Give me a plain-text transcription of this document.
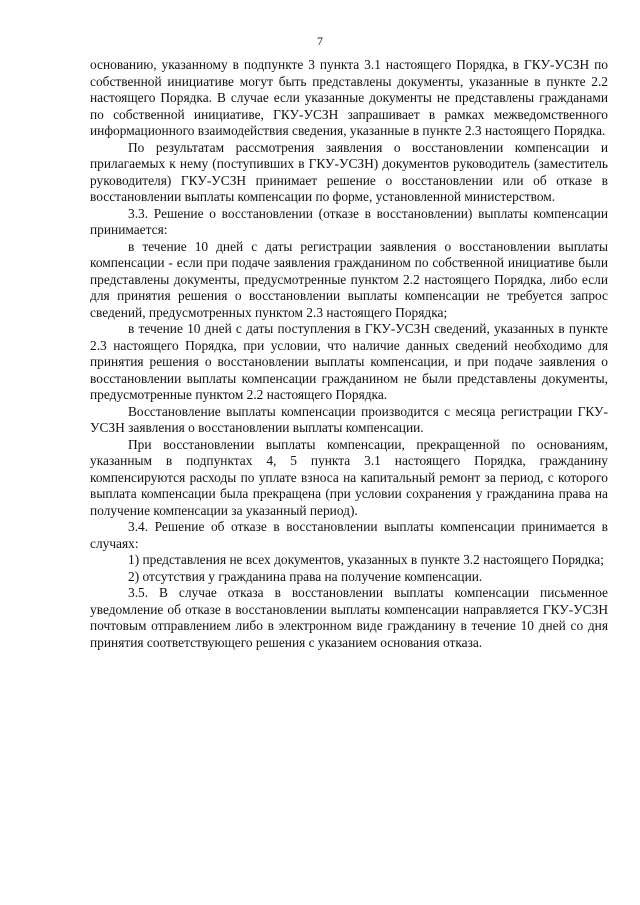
7

основанию, указанному в подпункте 3 пункта 3.1 настоящего Порядка, в ГКУ-УСЗН по собственной инициативе могут быть представлены документы, указанные в пункте 2.2 настоящего Порядка. В случае если указанные документы не представлены гражданами по собственной инициативе, ГКУ-УСЗН запрашивает в рамках межведомственного информационного взаимодействия сведения, указанные в пункте 2.3 настоящего Порядка.

По результатам рассмотрения заявления о восстановлении компенсации и прилагаемых к нему (поступивших в ГКУ-УСЗН) документов руководитель (заместитель руководителя) ГКУ-УСЗН принимает решение о восстановлении или об отказе в восстановлении выплаты компенсации по форме, установленной министерством.

3.3. Решение о восстановлении (отказе в восстановлении) выплаты компенсации принимается:

в течение 10 дней с даты регистрации заявления о восстановлении выплаты компенсации - если при подаче заявления гражданином по собственной инициативе были представлены документы, предусмотренные пунктом 2.2 настоящего Порядка, либо если для принятия решения о восстановлении выплаты компенсации не требуется запрос сведений, предусмотренных пунктом 2.3 настоящего Порядка;

в течение 10 дней с даты поступления в ГКУ-УСЗН сведений, указанных в пункте 2.3 настоящего Порядка, при условии, что наличие данных сведений необходимо для принятия решения о восстановлении выплаты компенсации, и при подаче заявления о восстановлении выплаты компенсации гражданином не были представлены документы, предусмотренные пунктом 2.2 настоящего Порядка.

Восстановление выплаты компенсации производится с месяца регистрации ГКУ-УСЗН заявления о восстановлении выплаты компенсации.

При восстановлении выплаты компенсации, прекращенной по основаниям, указанным в подпунктах 4, 5 пункта 3.1 настоящего Порядка, гражданину компенсируются расходы по уплате взноса на капитальный ремонт за период, с которого выплата компенсации была прекращена (при условии сохранения у гражданина права на получение компенсации за указанный период).

3.4. Решение об отказе в восстановлении выплаты компенсации принимается в случаях:

1) представления не всех документов, указанных в пункте 3.2 настоящего Порядка;

2) отсутствия у гражданина права на получение компенсации.

3.5. В случае отказа в восстановлении выплаты компенсации письменное уведомление об отказе в восстановлении выплаты компенсации направляется ГКУ-УСЗН почтовым отправлением либо в электронном виде гражданину в течение 10 дней со дня принятия соответствующего решения с указанием основания отказа.
